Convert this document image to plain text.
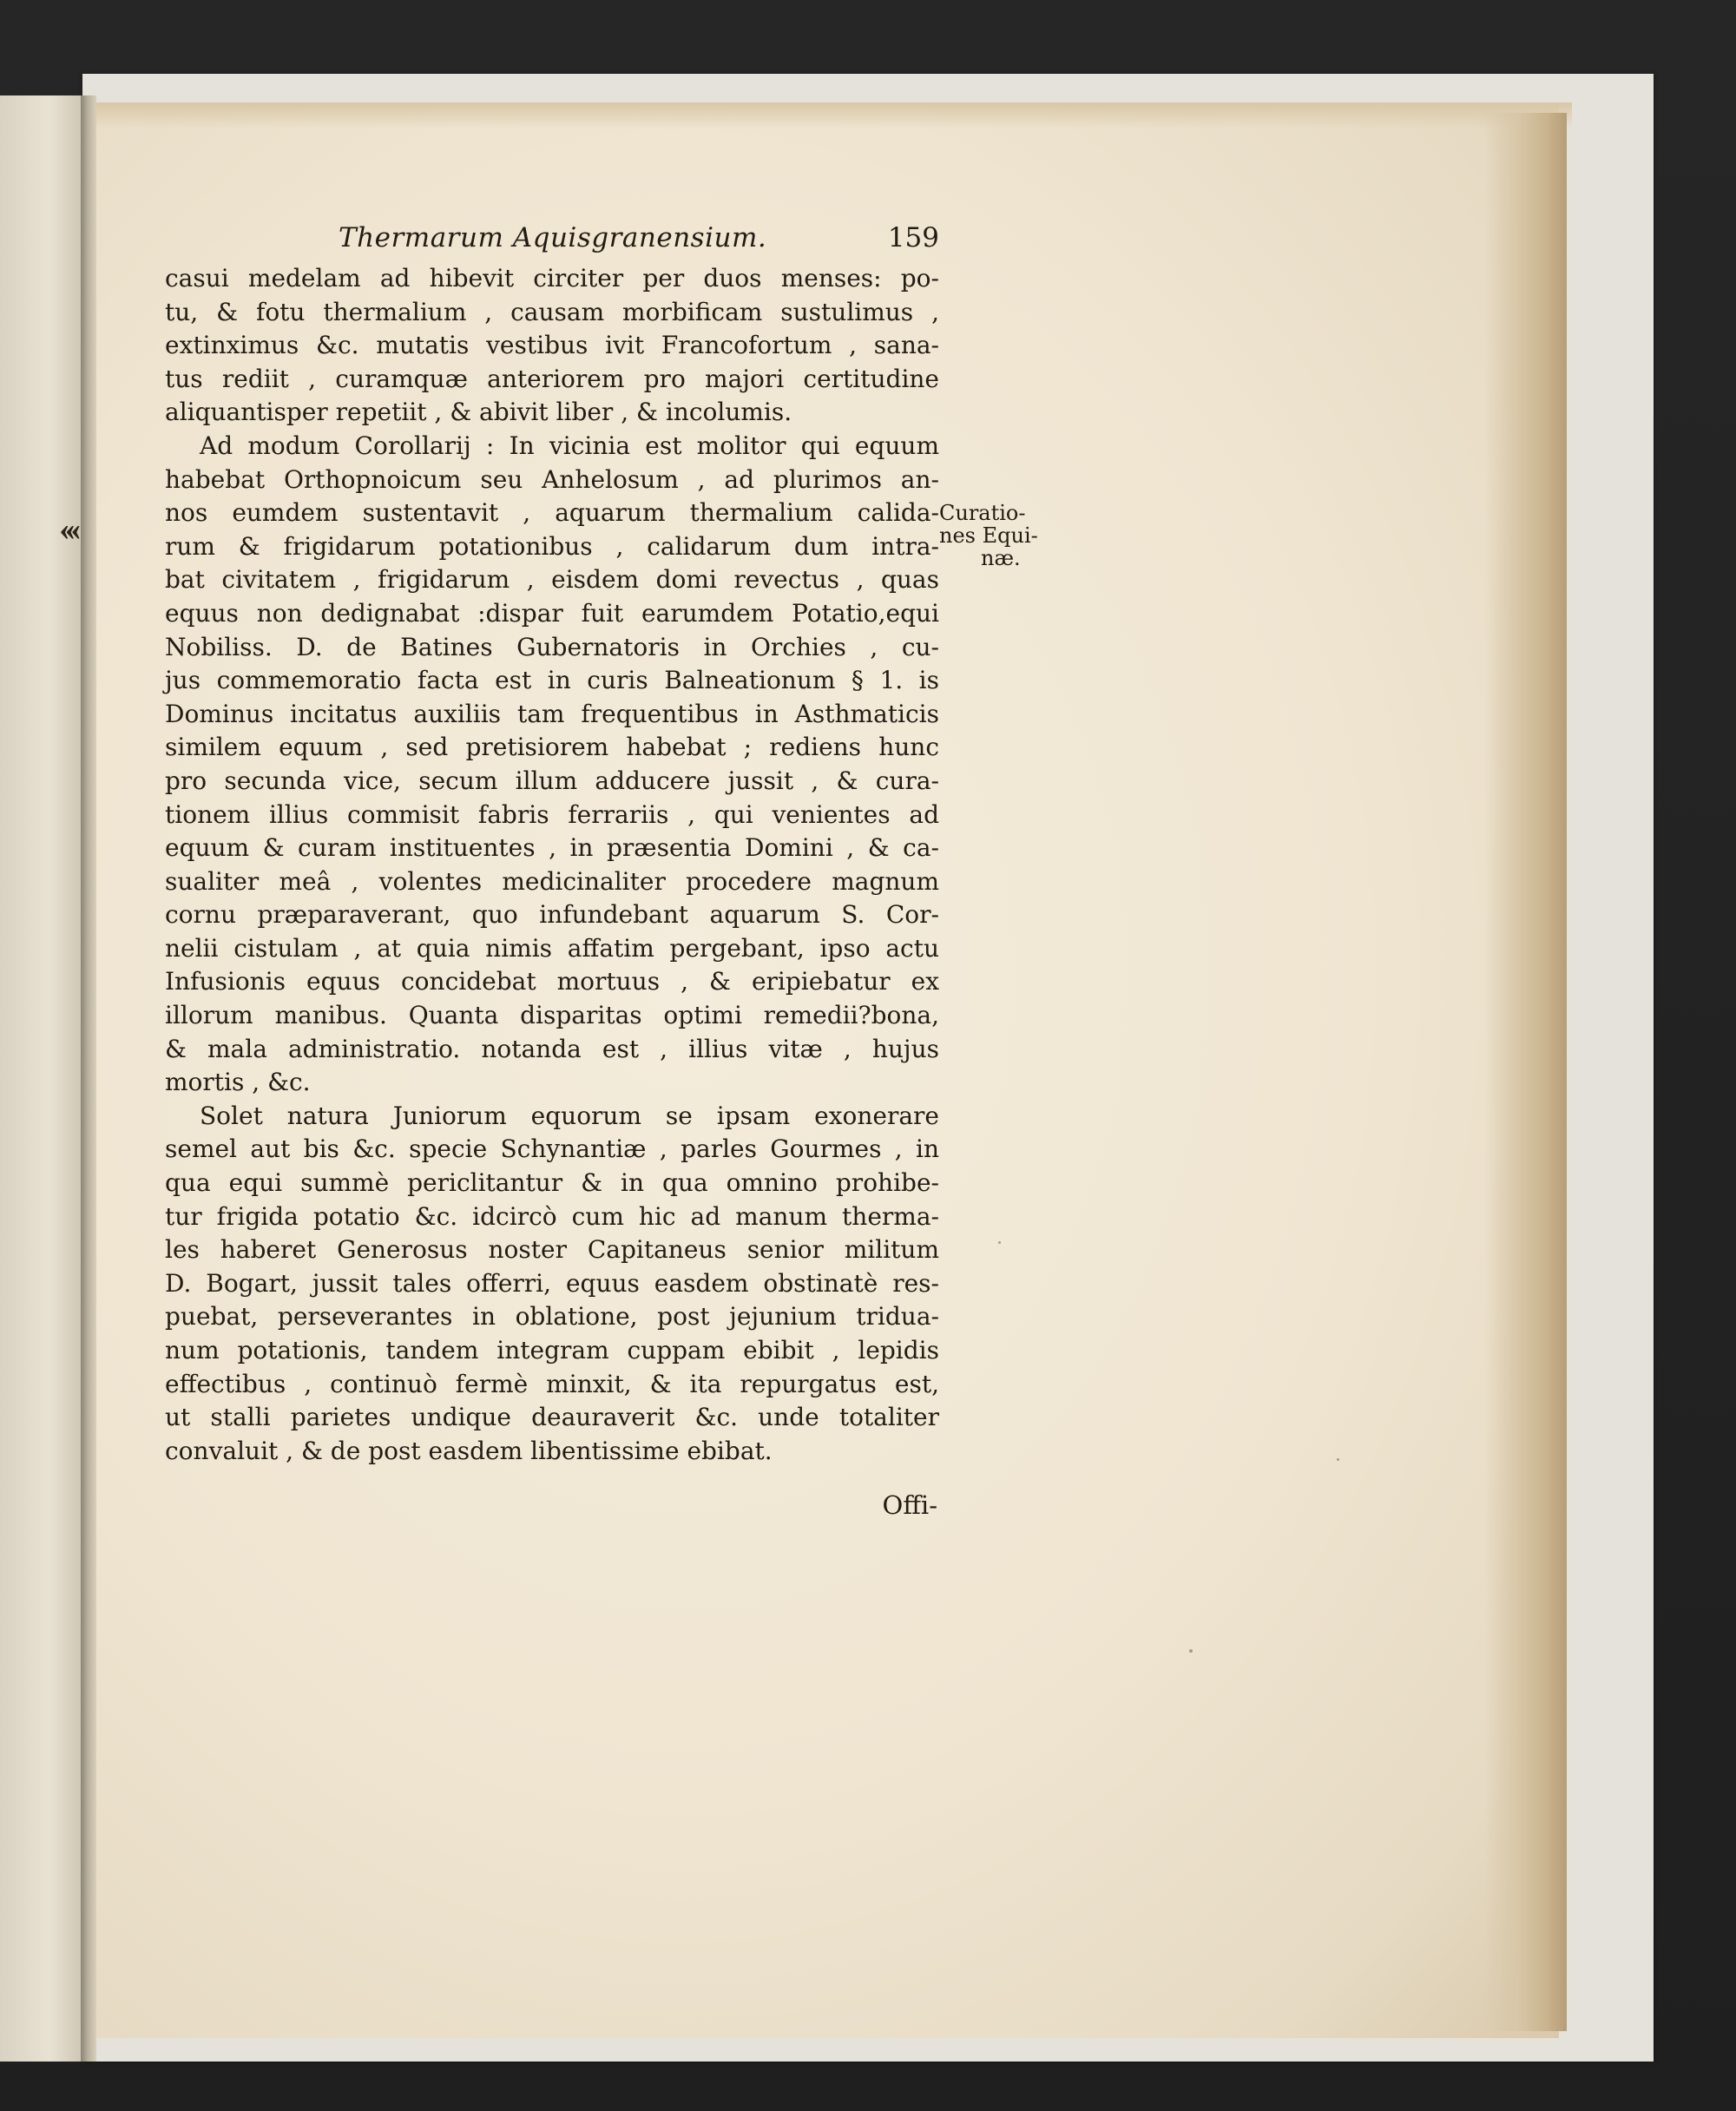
‹‹‹
Thermarum Aquisgranensium.	159
casui medelam ad hibevit circiter per duos menses: po-
tu, & fotu thermalium , causam morbificam sustulimus ,
extinximus &c. mutatis vestibus ivit Francofortum , sana-
tus rediit , curamquæ anteriorem pro majori certitudine
aliquantisper repetiit , & abivit liber , & incolumis.
Ad modum Corollarij : In vicinia est molitor qui equum
habebat Orthopnoicum seu Anhelosum , ad plurimos an-
nos eumdem sustentavit , aquarum thermalium calida-
rum & frigidarum potationibus , calidarum dum intra-
bat civitatem , frigidarum , eisdem domi revectus , quas
equus non dedignabat :dispar fuit earumdem Potatio,equi
Nobiliss. D. de Batines Gubernatoris in Orchies , cu-
jus commemoratio facta est in curis Balneationum § 1. is
Dominus incitatus auxiliis tam frequentibus in Asthmaticis
similem equum , sed pretisiorem habebat ; rediens hunc
pro secunda vice, secum illum adducere jussit , & cura-
tionem illius commisit fabris ferrariis , qui venientes ad
equum & curam instituentes , in præsentia Domini , & ca-
sualiter meâ , volentes medicinaliter procedere magnum
cornu præparaverant, quo infundebant aquarum S. Cor-
nelii cistulam , at quia nimis affatim pergebant, ipso actu
Infusionis equus concidebat mortuus , & eripiebatur ex
illorum manibus. Quanta disparitas optimi remedii?bona,
& mala administratio. notanda est , illius vitæ , hujus
mortis , &c.
Solet natura Juniorum equorum se ipsam exonerare
semel aut bis &c. specie Schynantiæ , parles Gourmes , in
qua equi summè periclitantur & in qua omnino prohibe-
tur frigida potatio &c. idcircò cum hic ad manum therma-
les haberet Generosus noster Capitaneus senior militum
D. Bogart, jussit tales offerri, equus easdem obstinatè res-
puebat, perseverantes in oblatione, post jejunium tridua-
num potationis, tandem integram cuppam ebibit , lepidis
effectibus , continuò fermè minxit, & ita repurgatus est,
ut stalli parietes undique deauraverit &c. unde totaliter
convaluit , & de post easdem libentissime ebibat.
Offi-
Curatio-
nes Equi-
næ.
